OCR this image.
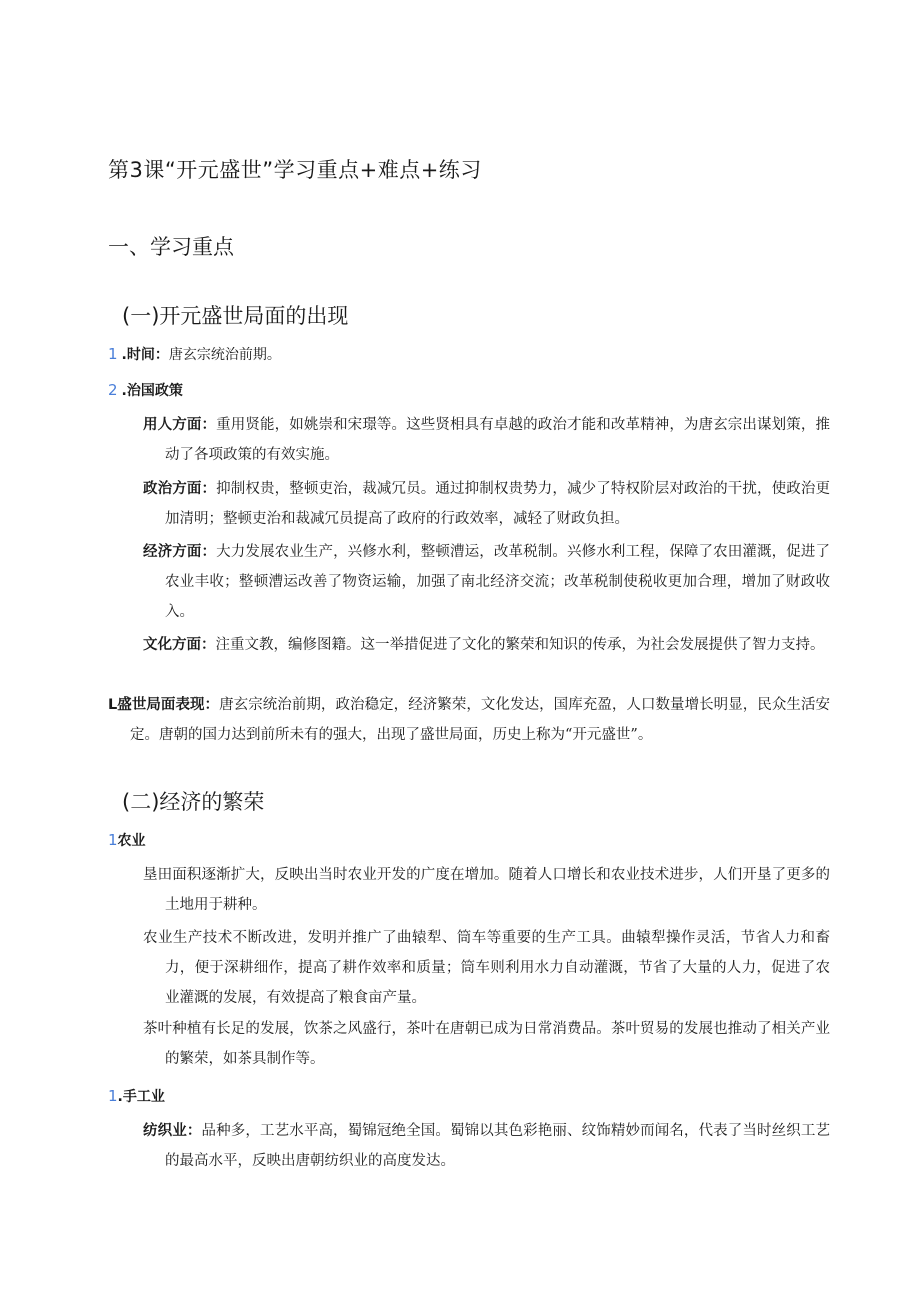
第3课“开元盛世”学习重点+难点+练习
一、学习重点
(一)开元盛世局面的出现
1 .时间：唐玄宗统治前期。
2 .治国政策
用人方面：重用贤能，如姚崇和宋璟等。这些贤相具有卓越的政治才能和改革精神，为唐玄宗出谋划策，推动了各项政策的有效实施。
政治方面：抑制权贵，整顿吏治，裁减冗员。通过抑制权贵势力，减少了特权阶层对政治的干扰，使政治更加清明；整顿吏治和裁减冗员提高了政府的行政效率，减轻了财政负担。
经济方面：大力发展农业生产，兴修水利，整顿漕运，改革税制。兴修水利工程，保障了农田灌溉，促进了农业丰收；整顿漕运改善了物资运输，加强了南北经济交流；改革税制使税收更加合理，增加了财政收入。
文化方面：注重文教，编修图籍。这一举措促进了文化的繁荣和知识的传承，为社会发展提供了智力支持。
L盛世局面表现：唐玄宗统治前期，政治稳定，经济繁荣，文化发达，国库充盈，人口数量增长明显，民众生活安定。唐朝的国力达到前所未有的强大，出现了盛世局面，历史上称为“开元盛世”。
(二)经济的繁荣
1农业
垦田面积逐渐扩大，反映出当时农业开发的广度在增加。随着人口增长和农业技术进步，人们开垦了更多的土地用于耕种。
农业生产技术不断改进，发明并推广了曲辕犁、筒车等重要的生产工具。曲辕犁操作灵活，节省人力和畜力，便于深耕细作，提高了耕作效率和质量；筒车则利用水力自动灌溉，节省了大量的人力，促进了农业灌溉的发展，有效提高了粮食亩产量。
茶叶种植有长足的发展，饮茶之风盛行，茶叶在唐朝已成为日常消费品。茶叶贸易的发展也推动了相关产业的繁荣，如茶具制作等。
1.手工业
纺织业：品种多，工艺水平高，蜀锦冠绝全国。蜀锦以其色彩艳丽、纹饰精妙而闻名，代表了当时丝织工艺的最高水平，反映出唐朝纺织业的高度发达。
